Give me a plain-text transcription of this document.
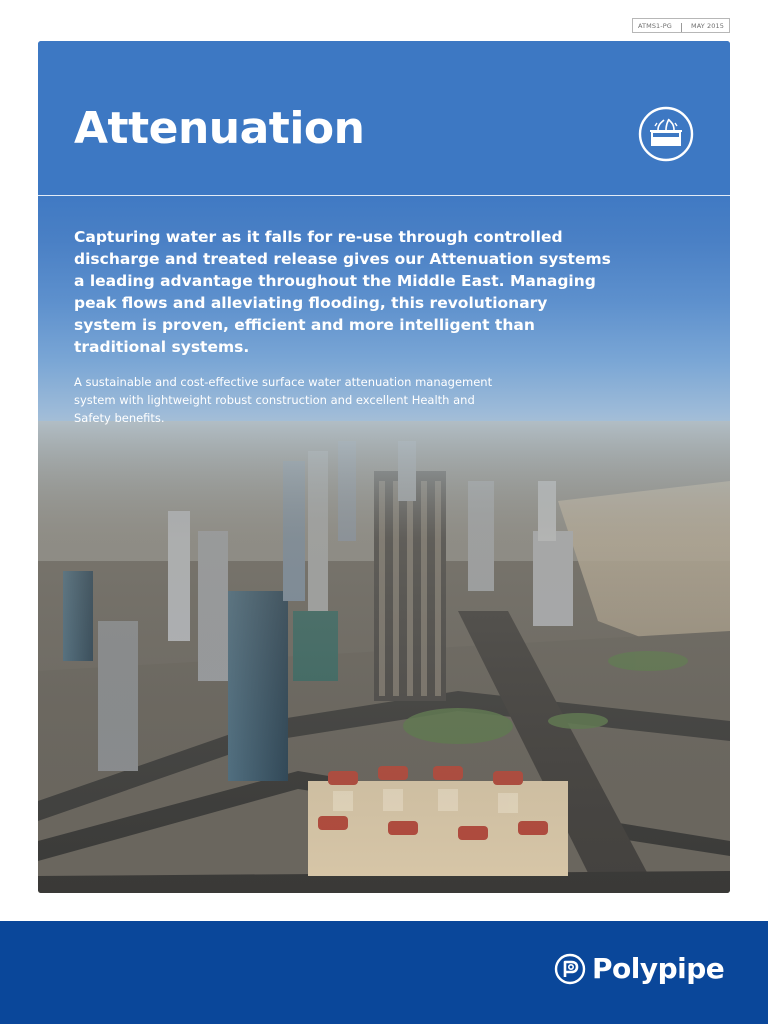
ATMS1-PG	MAY 2015
Attenuation

Capturing water as it falls for re-use through controlled discharge and treated release gives our Attenuation systems a leading advantage throughout the Middle East. Managing peak flows and alleviating flooding, this revolutionary system is proven, efficient and more intelligent than traditional systems.

A sustainable and cost-effective surface water attenuation management system with lightweight robust construction and excellent Health and Safety benefits.

Polypipe
